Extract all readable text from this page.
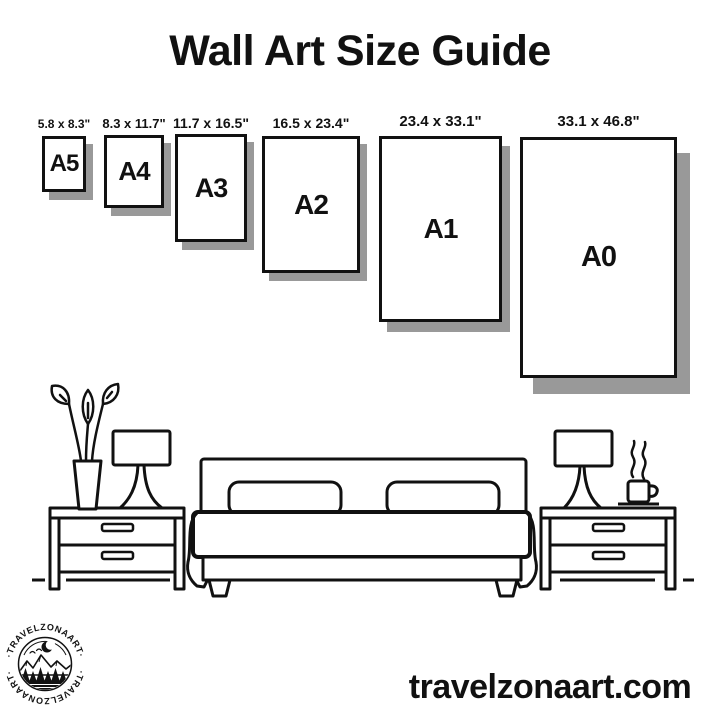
Wall Art Size Guide
5.8 x 8.3" 8.3 x 11.7" 11.7 x 16.5"	16.5 x 23.4"	23.4 x 33.1"	33.1 x 46.8"
A5	A4
A3
A2
A1
A0
·TRAVELZONAART·
·TRAVELZONAART·	travelzonaart.com
